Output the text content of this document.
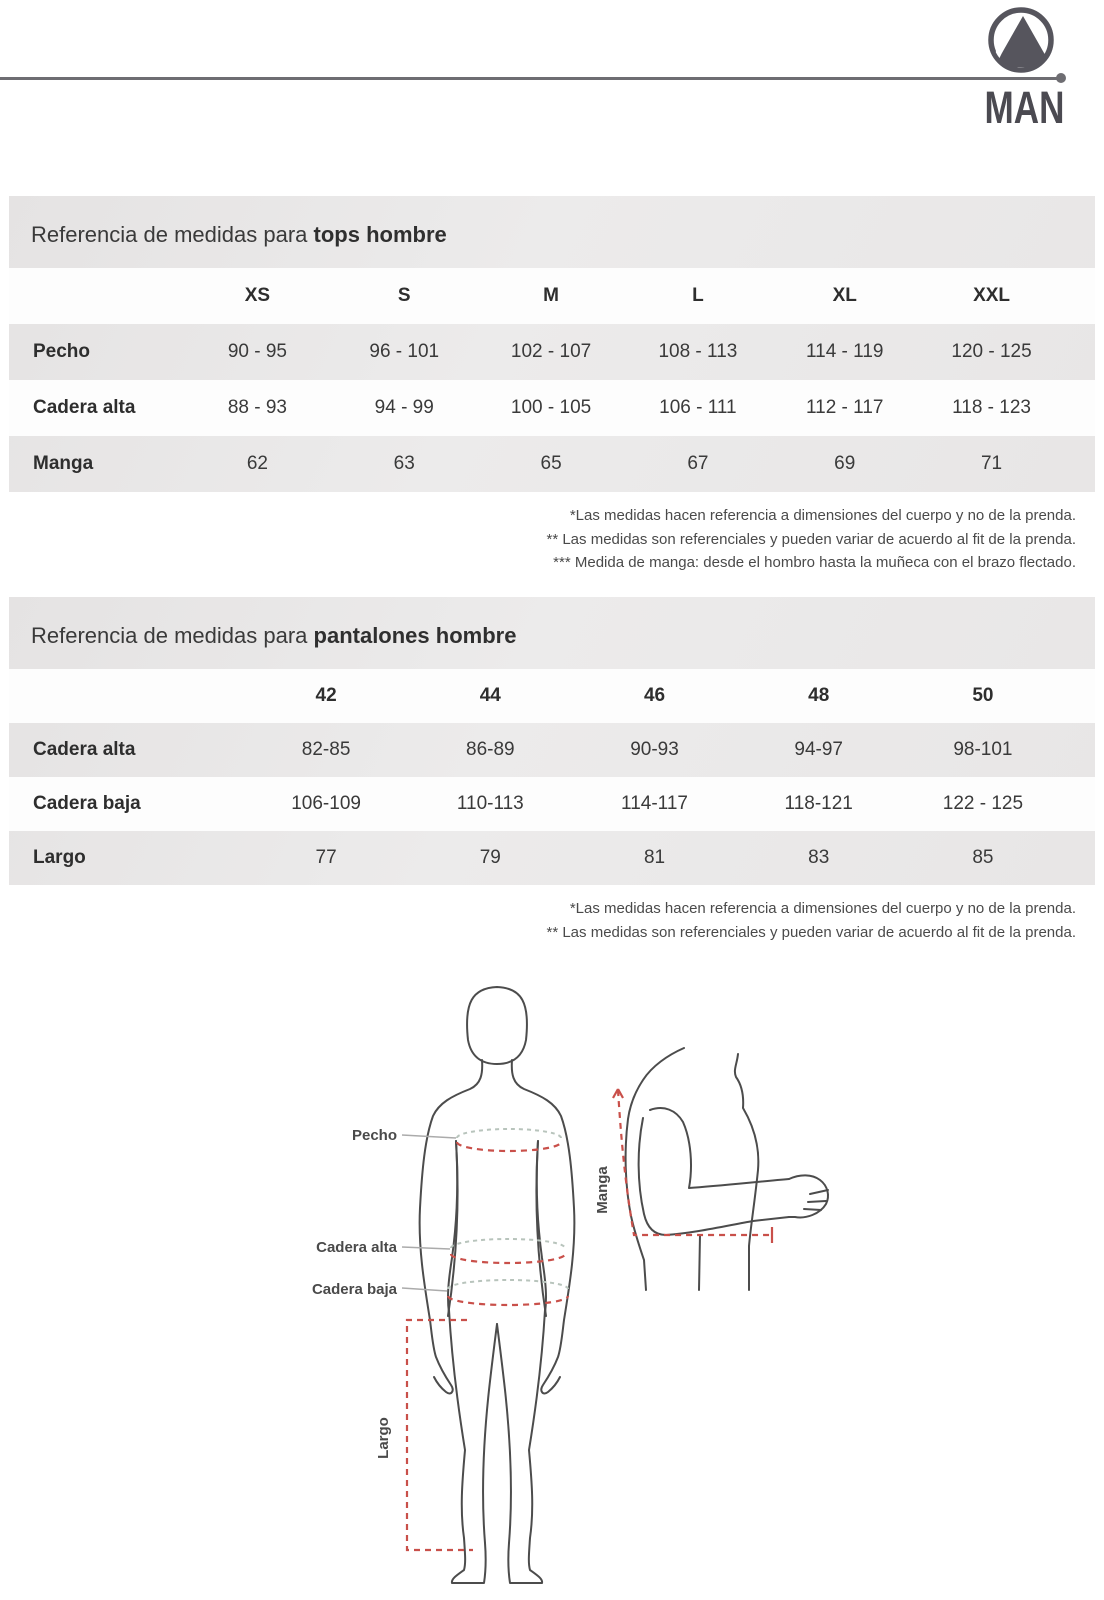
MAN
Referencia de medidas para tops hombre
XS	S	M	L	XL	XXL
Pecho	90 - 95	96 - 101	102 - 107	108 - 113	114 - 119	120 - 125
Cadera alta	88 - 93	94 - 99	100 - 105	106 - 111	112 - 117	118 - 123
Manga	62	63	65	67	69	71
*Las medidas hacen referencia a dimensiones del cuerpo y no de la prenda.
** Las medidas son referenciales y pueden variar de acuerdo al fit de la prenda.
*** Medida de manga: desde el hombro hasta la muñeca con el brazo flectado.
Referencia de medidas para pantalones hombre
42	44	46	48	50
Cadera alta	82-85	86-89	90-93	94-97	98-101
Cadera baja	106-109	110-113	114-117	118-121	122 - 125
Largo	77	79	81	83	85
*Las medidas hacen referencia a dimensiones del cuerpo y no de la prenda.
** Las medidas son referenciales y pueden variar de acuerdo al fit de la prenda.
Pecho
Cadera alta
Cadera baja
Largo
Manga
